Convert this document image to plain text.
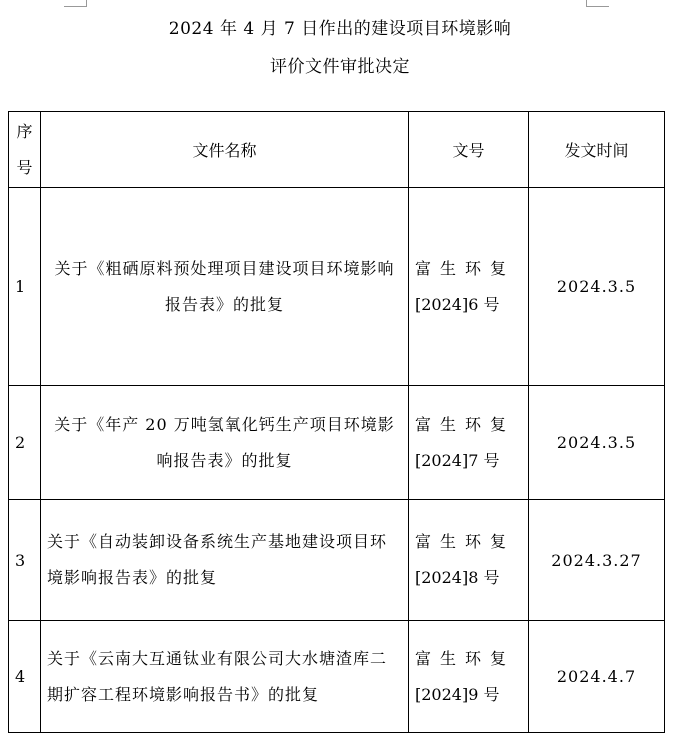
2024 年 4 月 7 日作出的建设项目环境影响
评价文件审批决定
序号	文件名称	文号	发文时间
1	关于《粗硒原料预处理项目建设项目环境影响报告表》的批复	富生环复
[2024]6 号	2024.3.5
2	关于《年产 20 万吨氢氧化钙生产项目环境影响报告表》的批复	富生环复
[2024]7 号	2024.3.5
3	关于《自动装卸设备系统生产基地建设项目环境影响报告表》的批复	富生环复
[2024]8 号	2024.3.27
4	关于《云南大互通钛业有限公司大水塘渣库二期扩容工程环境影响报告书》的批复	富生环复
[2024]9 号	2024.4.7
